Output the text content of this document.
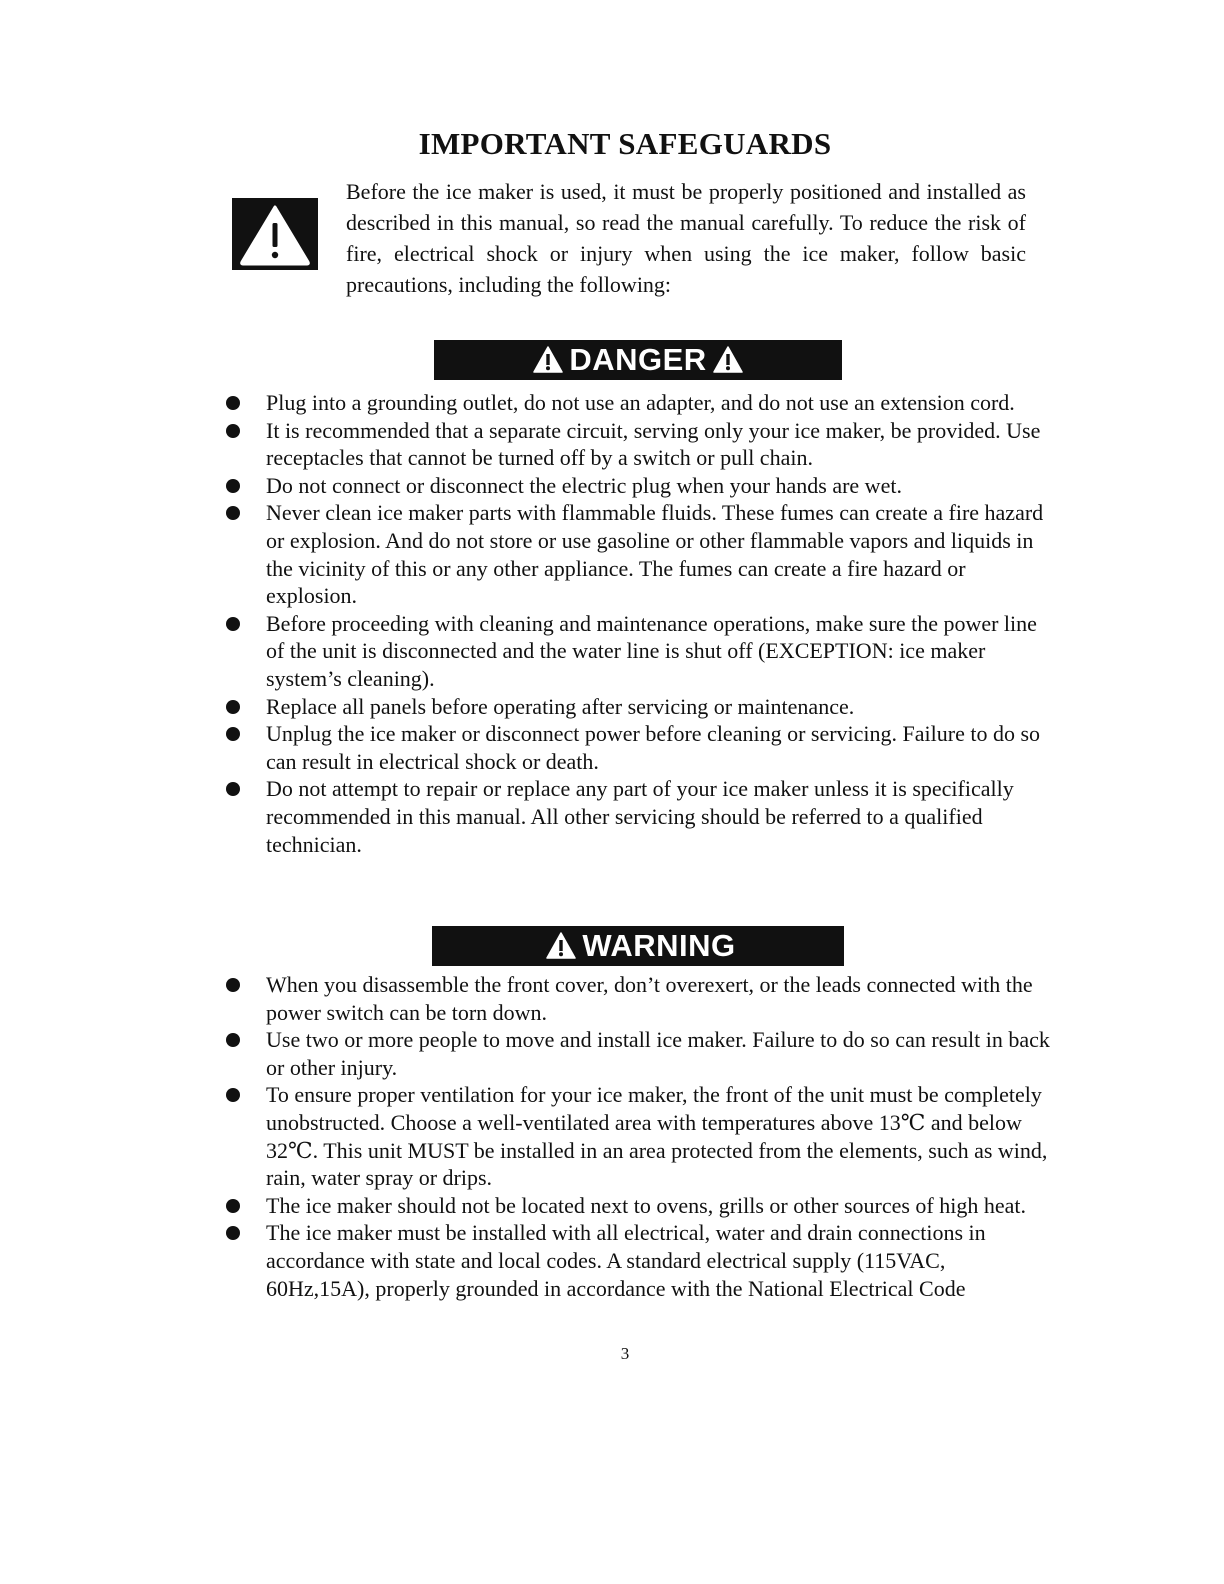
IMPORTANT SAFEGUARDS

Before the ice maker is used, it must be properly positioned and installed as described in this manual, so read the manual carefully. To reduce the risk of fire, electrical shock or injury when using the ice maker, follow basic precautions, including the following:

DANGER
Plug into a grounding outlet, do not use an adapter, and do not use an extension cord.
It is recommended that a separate circuit, serving only your ice maker, be provided. Use receptacles that cannot be turned off by a switch or pull chain.
Do not connect or disconnect the electric plug when your hands are wet.
Never clean ice maker parts with flammable fluids. These fumes can create a fire hazard or explosion. And do not store or use gasoline or other flammable vapors and liquids in the vicinity of this or any other appliance. The fumes can create a fire hazard or explosion.
Before proceeding with cleaning and maintenance operations, make sure the power line of the unit is disconnected and the water line is shut off (EXCEPTION: ice maker system’s cleaning).
Replace all panels before operating after servicing or maintenance.
Unplug the ice maker or disconnect power before cleaning or servicing. Failure to do so can result in electrical shock or death.
Do not attempt to repair or replace any part of your ice maker unless it is specifically recommended in this manual. All other servicing should be referred to a qualified technician.
WARNING
When you disassemble the front cover, don’t overexert, or the leads connected with the power switch can be torn down.
Use two or more people to move and install ice maker. Failure to do so can result in back or other injury.
To ensure proper ventilation for your ice maker, the front of the unit must be completely unobstructed. Choose a well-ventilated area with temperatures above 13℃ and below 32℃. This unit MUST be installed in an area protected from the elements, such as wind, rain, water spray or drips.
The ice maker should not be located next to ovens, grills or other sources of high heat.
The ice maker must be installed with all electrical, water and drain connections in accordance with state and local codes. A standard electrical supply (115VAC, 60Hz,15A), properly grounded in accordance with the National Electrical Code
3
